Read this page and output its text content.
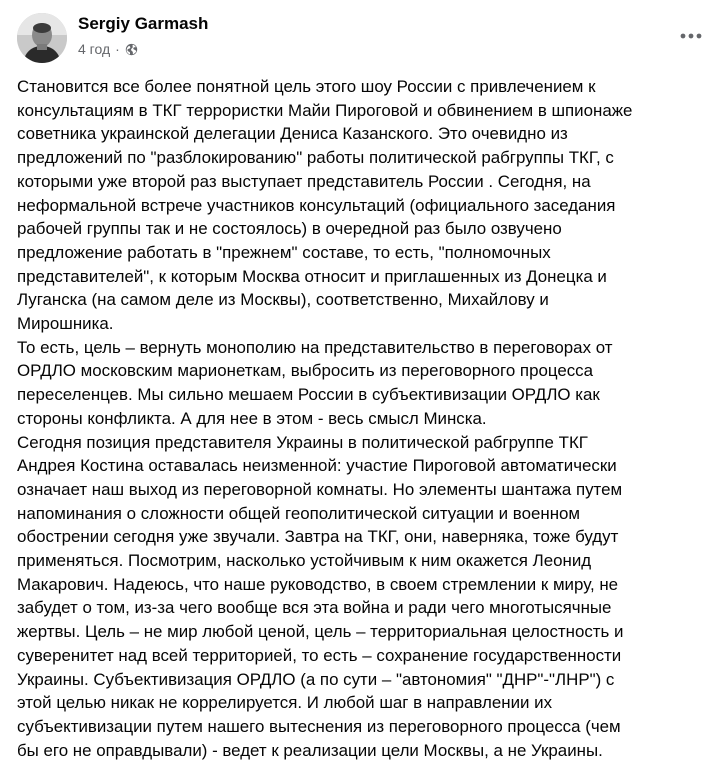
Sergiy Garmash
4 год ·

Становится все более понятной цель этого шоу России с привлечением к

консультациям в ТКГ террористки Майи Пироговой и обвинением в шпионаже

советника украинской делегации Дениса Казанского. Это очевидно из

предложений по "разблокированию" работы политической рабгруппы ТКГ, с

которыми уже второй раз выступает представитель России . Сегодня, на

неформальной встрече участников консультаций (официального заседания

рабочей группы так и не состоялось) в очередной раз было озвучено

предложение работать в "прежнем" составе, то есть, "полномочных

представителей", к которым Москва относит и приглашенных из Донецка и

Луганска (на самом деле из Москвы), соответственно, Михайлову и

Мирошника.

То есть, цель – вернуть монополию на представительство в переговорах от

ОРДЛО московским марионеткам, выбросить из переговорного процесса

переселенцев. Мы сильно мешаем России в субъективизации ОРДЛО как

стороны конфликта. А для нее в этом - весь смысл Минска.

Сегодня позиция представителя Украины в политической рабгруппе ТКГ

Андрея Костина оставалась неизменной: участие Пироговой автоматически

означает наш выход из переговорной комнаты. Но элементы шантажа путем

напоминания о сложности общей геополитической ситуации и военном

обострении сегодня уже звучали. Завтра на ТКГ, они, наверняка, тоже будут

применяться. Посмотрим, насколько устойчивым к ним окажется Леонид

Макарович. Надеюсь, что наше руководство, в своем стремлении к миру, не

забудет о том, из-за чего вообще вся эта война и ради чего многотысячные

жертвы. Цель – не мир любой ценой, цель – территориальная целостность и

суверенитет над всей территорией, то есть – сохранение государственности

Украины. Субъективизация ОРДЛО (а по сути – "автономия" "ДНР"-"ЛНР") с

этой целью никак не коррелируется. И любой шаг в направлении их

субъективизации путем нашего вытеснения из переговорного процесса (чем

бы его не оправдывали) - ведет к реализации цели Москвы, а не Украины.
